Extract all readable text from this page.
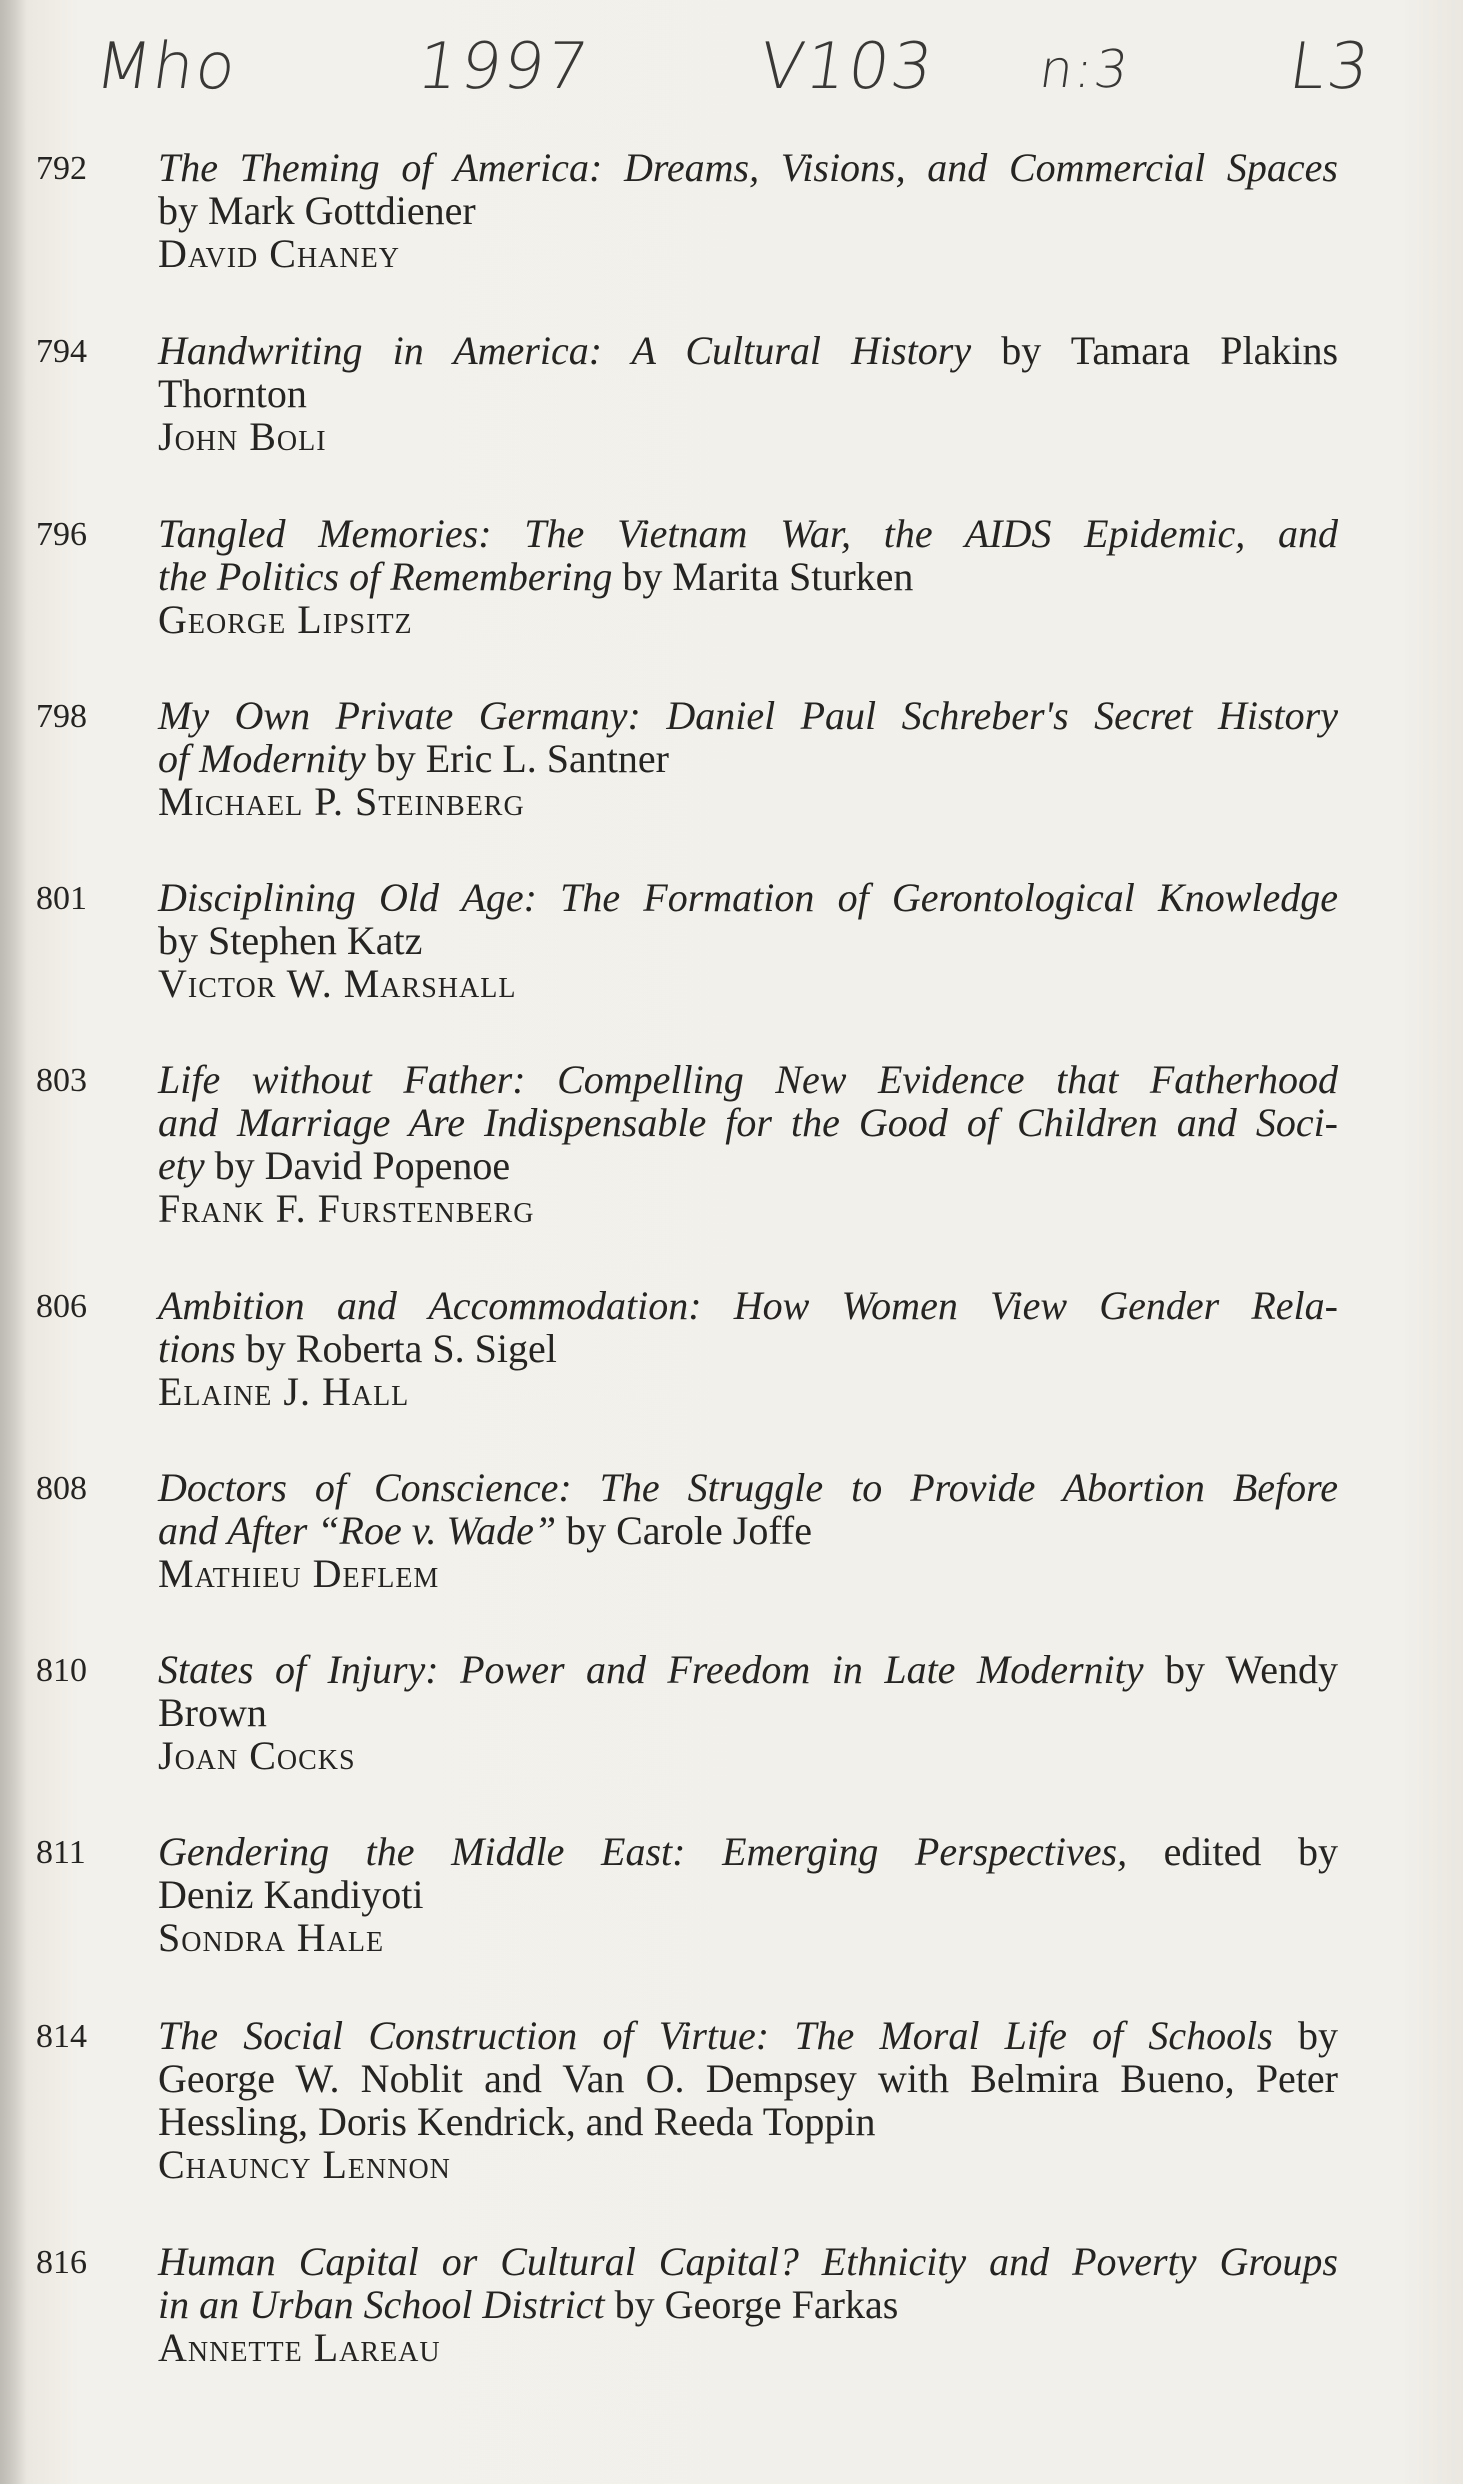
Mho	1997	V103 n:3 L3
792	The Theming of America: Dreams, Visions, and Commercial Spaces
by Mark Gottdiener
David Chaney
794	Handwriting in America: A Cultural History by Tamara Plakins
Thornton
John Boli
796	Tangled Memories: The Vietnam War, the AIDS Epidemic, and
the Politics of Remembering by Marita Sturken
George Lipsitz
798	My Own Private Germany: Daniel Paul Schreber's Secret History
of Modernity by Eric L. Santner
Michael P. Steinberg
801	Disciplining Old Age: The Formation of Gerontological Knowledge
by Stephen Katz
Victor W. Marshall
803	Life without Father: Compelling New Evidence that Fatherhood
and Marriage Are Indispensable for the Good of Children and Soci-
ety by David Popenoe
Frank F. Furstenberg
806	Ambition and Accommodation: How Women View Gender Rela-
tions by Roberta S. Sigel
Elaine J. Hall
808	Doctors of Conscience: The Struggle to Provide Abortion Before
and After “Roe v. Wade” by Carole Joffe
Mathieu Deflem
810	States of Injury: Power and Freedom in Late Modernity by Wendy
Brown
Joan Cocks
811	Gendering the Middle East: Emerging Perspectives, edited by
Deniz Kandiyoti
Sondra Hale
814	The Social Construction of Virtue: The Moral Life of Schools by
George W. Noblit and Van O. Dempsey with Belmira Bueno, Peter
Hessling, Doris Kendrick, and Reeda Toppin
Chauncy Lennon
816	Human Capital or Cultural Capital? Ethnicity and Poverty Groups
in an Urban School District by George Farkas
Annette Lareau
